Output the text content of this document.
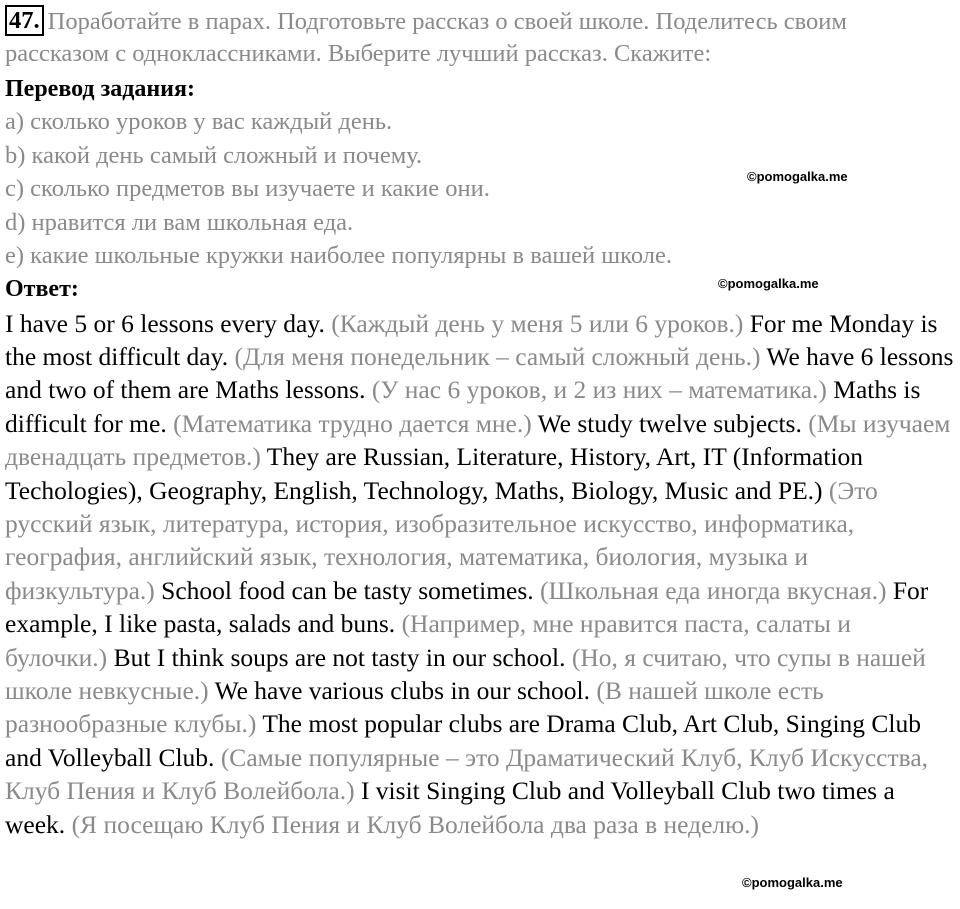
47. Поработайте в парах. Подготовьте рассказ о своей школе. Поделитесь своим рассказом с одноклассниками. Выберите лучший рассказ. Скажите:
Перевод задания:
a) сколько уроков у вас каждый день.
b) какой день самый сложный и почему.
c) сколько предметов вы изучаете и какие они.
d) нравится ли вам школьная еда.
e) какие школьные кружки наиболее популярны в вашей школе.
Ответ:
I have 5 or 6 lessons every day. (Каждый день у меня 5 или 6 уроков.) For me Monday is the most difficult day. (Для меня понедельник – самый сложный день.) We have 6 lessons and two of them are Maths lessons. (У нас 6 уроков, и 2 из них – математика.) Maths is difficult for me. (Математика трудно дается мне.) We study twelve subjects. (Мы изучаем двенадцать предметов.) They are Russian, Literature, History, Art, IT (Information Techologies), Geography, English, Technology, Maths, Biology, Music and PE.) (Это русский язык, литература, история, изобразительное искусство, информатика, география, английский язык, технология, математика, биология, музыка и физкультура.) School food can be tasty sometimes. (Школьная еда иногда вкусная.) For example, I like pasta, salads and buns. (Например, мне нравится паста, салаты и булочки.) But I think soups are not tasty in our school. (Но, я считаю, что супы в нашей школе невкусные.) We have various clubs in our school. (В нашей школе есть разнообразные клубы.) The most popular clubs are Drama Club, Art Club, Singing Club and Volleyball Club. (Самые популярные – это Драматический Клуб, Клуб Искусства, Клуб Пения и Клуб Волейбола.) I visit Singing Club and Volleyball Club two times a week. (Я посещаю Клуб Пения и Клуб Волейбола два раза в неделю.)
©pomogalka.me
©pomogalka.me
©pomogalka.me
